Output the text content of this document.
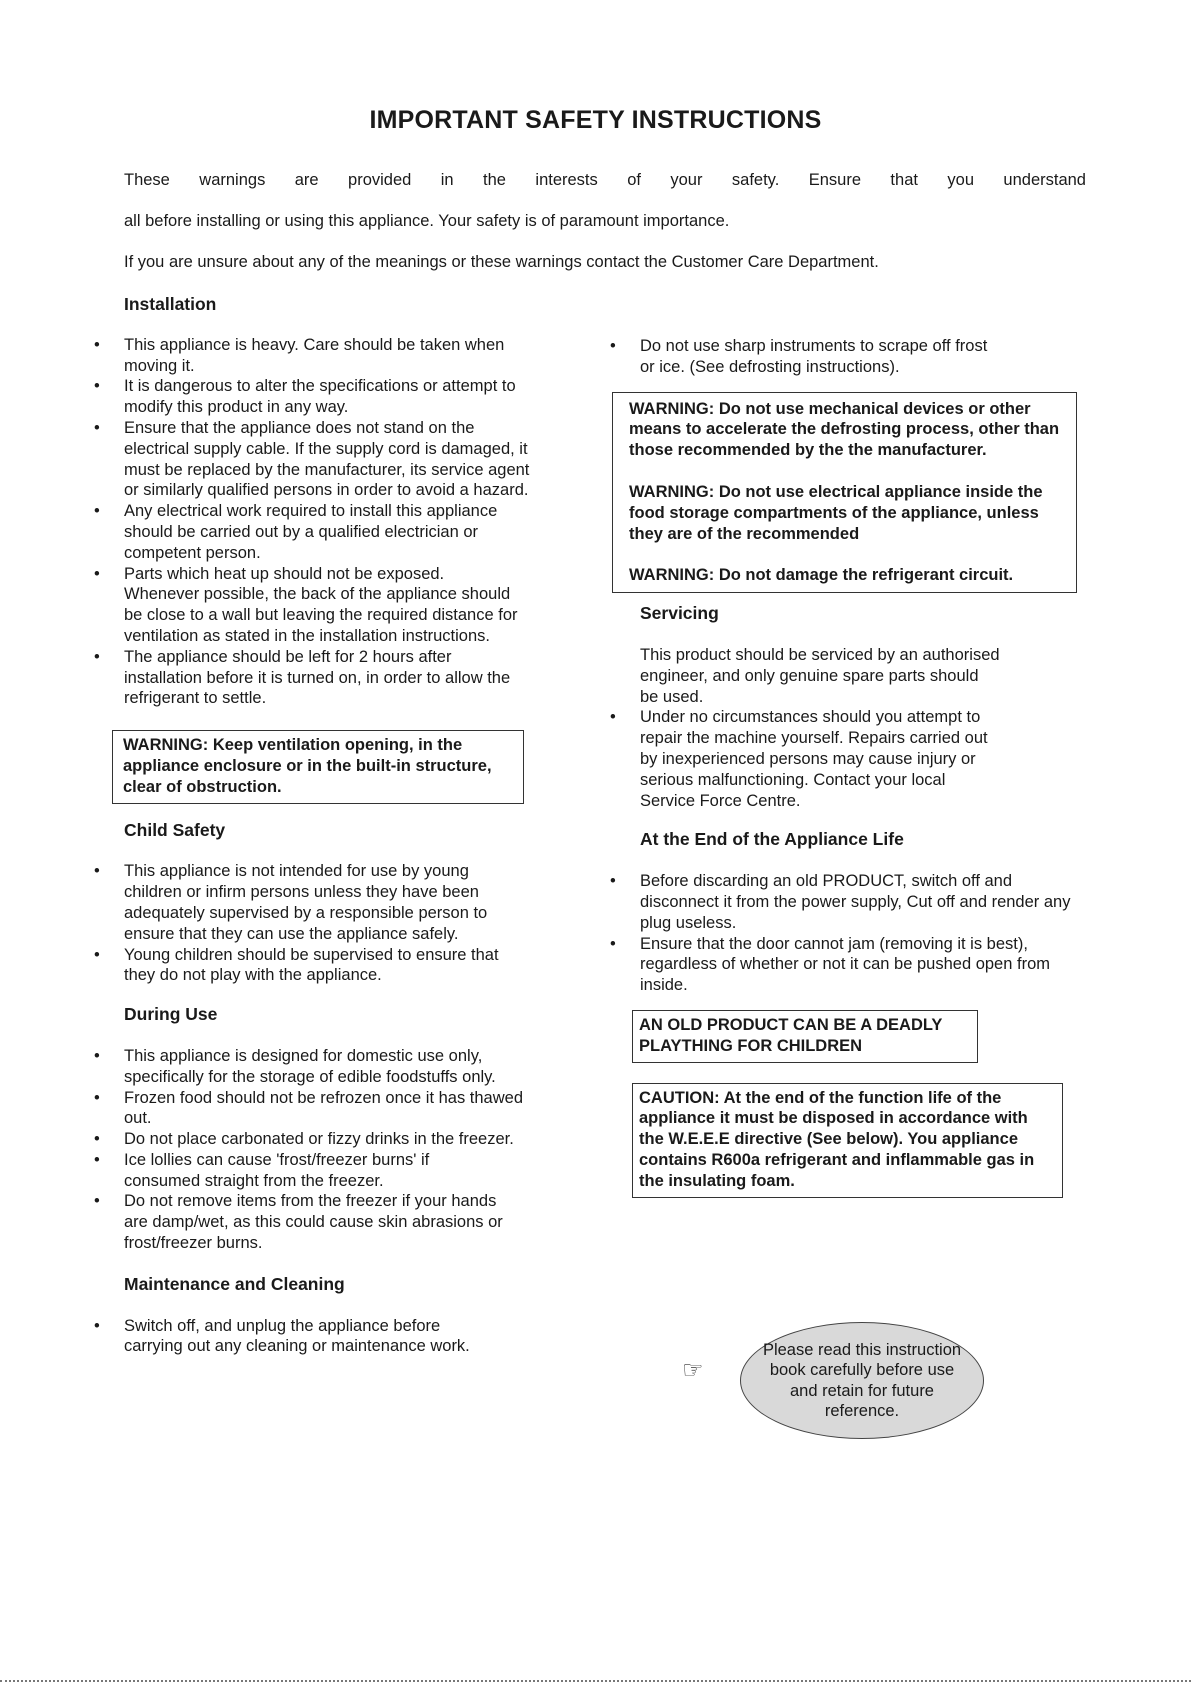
IMPORTANT SAFETY INSTRUCTIONS
These warnings are provided in the interests of your safety. Ensure that you understand
all before installing or using this appliance. Your safety is of paramount importance.
If you are unsure about any of the meanings or these warnings contact the Customer Care Department.
Installation
• This appliance is heavy. Care should be taken when moving it.
• It is dangerous to alter the specifications or attempt to modify this product in any way.
• Ensure that the appliance does not stand on the electrical supply cable. If the supply cord is damaged, it must be replaced by the manufacturer, its service agent or similarly qualified persons in order to avoid a hazard.
• Any electrical work required to install this appliance should be carried out by a qualified electrician or competent person.
• Parts which heat up should not be exposed. Whenever possible, the back of the appliance should be close to a wall but leaving the required distance for ventilation as stated in the installation instructions.
• The appliance should be left for 2 hours after installation before it is turned on, in order to allow the refrigerant to settle.

WARNING: Keep ventilation opening, in the appliance enclosure or in the built-in structure, clear of obstruction.

Child Safety
• This appliance is not intended for use by young children or infirm persons unless they have been adequately supervised by a responsible person to ensure that they can use the appliance safely.
• Young children should be supervised to ensure that they do not play with the appliance.
During Use
• This appliance is designed for domestic use only, specifically for the storage of edible foodstuffs only.
• Frozen food should not be refrozen once it has thawed out.
• Do not place carbonated or fizzy drinks in the freezer.
• Ice lollies can cause 'frost/freezer burns' if consumed straight from the freezer.
• Do not remove items from the freezer if your hands are damp/wet, as this could cause skin abrasions or frost/freezer burns.
Maintenance and Cleaning
• Switch off, and unplug the appliance before carrying out any cleaning or maintenance work.
• Do not use sharp instruments to scrape off frost or ice. (See defrosting instructions).

WARNING: Do not use mechanical devices or other means to accelerate the defrosting process, other than those recommended by the the manufacturer.

WARNING: Do not use electrical appliance inside the food storage compartments of the appliance, unless they are of the recommended

WARNING: Do not damage the refrigerant circuit.

Servicing
This product should be serviced by an authorised engineer, and only genuine spare parts should be used.
• Under no circumstances should you attempt to repair the machine yourself. Repairs carried out by inexperienced persons may cause injury or serious malfunctioning. Contact your local Service Force Centre.
At the End of the Appliance Life
• Before discarding an old PRODUCT, switch off and disconnect it from the power supply, Cut off and render any plug useless.
• Ensure that the door cannot jam (removing it is best), regardless of whether or not it can be pushed open from inside.

AN OLD PRODUCT CAN BE A DEADLY PLAYTHING FOR CHILDREN

CAUTION: At the end of the function life of the appliance it must be disposed in accordance with the W.E.E.E directive (See below). You appliance contains R600a refrigerant and inflammable gas in the insulating foam.

☞
Please read this instruction book carefully before use and retain for future reference.
